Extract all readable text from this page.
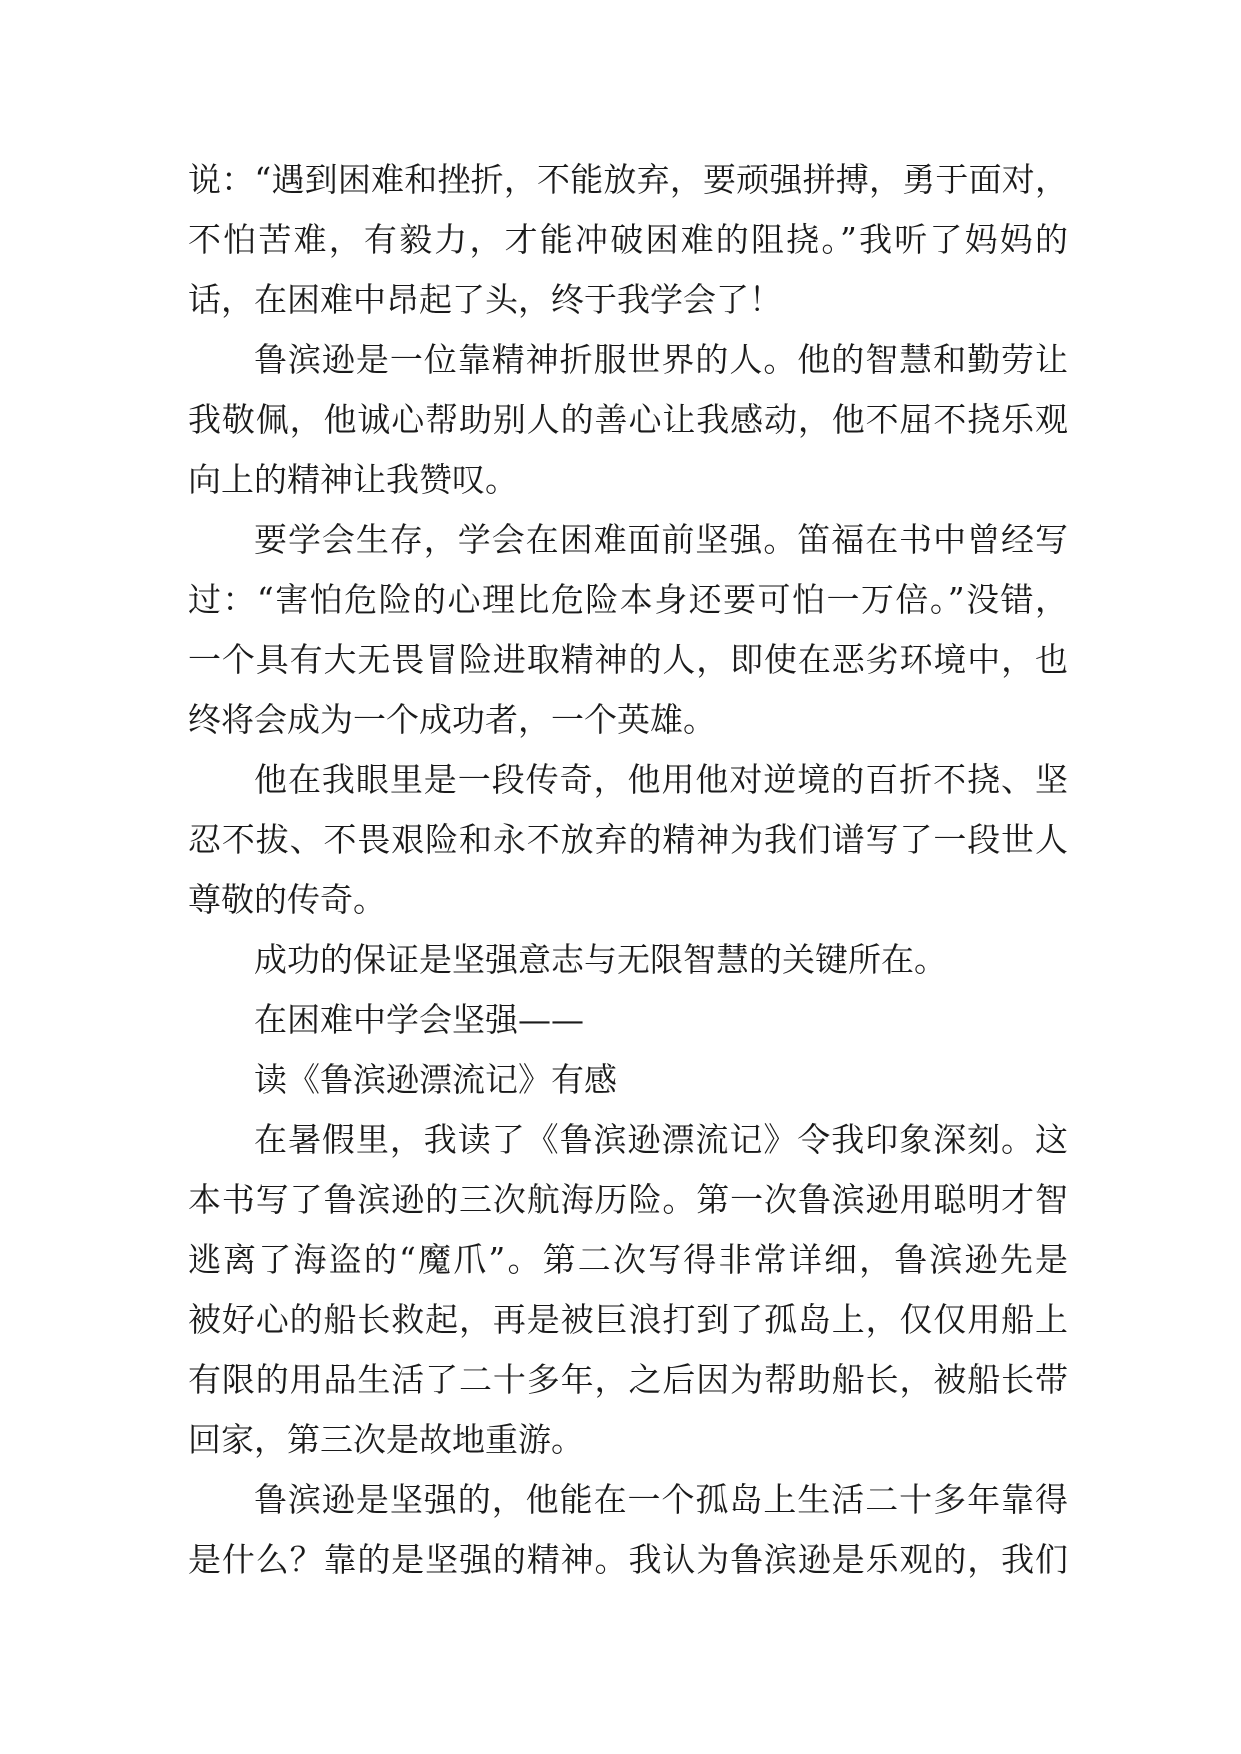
说：“遇到困难和挫折，不能放弃，要顽强拼搏，勇于面对，
不怕苦难，有毅力，才能冲破困难的阻挠。”我听了妈妈的
话，在困难中昂起了头，终于我学会了！
鲁滨逊是一位靠精神折服世界的人。他的智慧和勤劳让
我敬佩，他诚心帮助别人的善心让我感动，他不屈不挠乐观
向上的精神让我赞叹。
要学会生存，学会在困难面前坚强。笛福在书中曾经写
过：“害怕危险的心理比危险本身还要可怕一万倍。”没错，
一个具有大无畏冒险进取精神的人，即使在恶劣环境中，也
终将会成为一个成功者，一个英雄。
他在我眼里是一段传奇，他用他对逆境的百折不挠、坚
忍不拔、不畏艰险和永不放弃的精神为我们谱写了一段世人
尊敬的传奇。
成功的保证是坚强意志与无限智慧的关键所在。
在困难中学会坚强——
读《鲁滨逊漂流记》有感
在暑假里，我读了《鲁滨逊漂流记》令我印象深刻。这
本书写了鲁滨逊的三次航海历险。第一次鲁滨逊用聪明才智
逃离了海盗的“魔爪”。第二次写得非常详细，鲁滨逊先是
被好心的船长救起，再是被巨浪打到了孤岛上，仅仅用船上
有限的用品生活了二十多年，之后因为帮助船长，被船长带
回家，第三次是故地重游。
鲁滨逊是坚强的，他能在一个孤岛上生活二十多年靠得
是什么？靠的是坚强的精神。我认为鲁滨逊是乐观的，我们
